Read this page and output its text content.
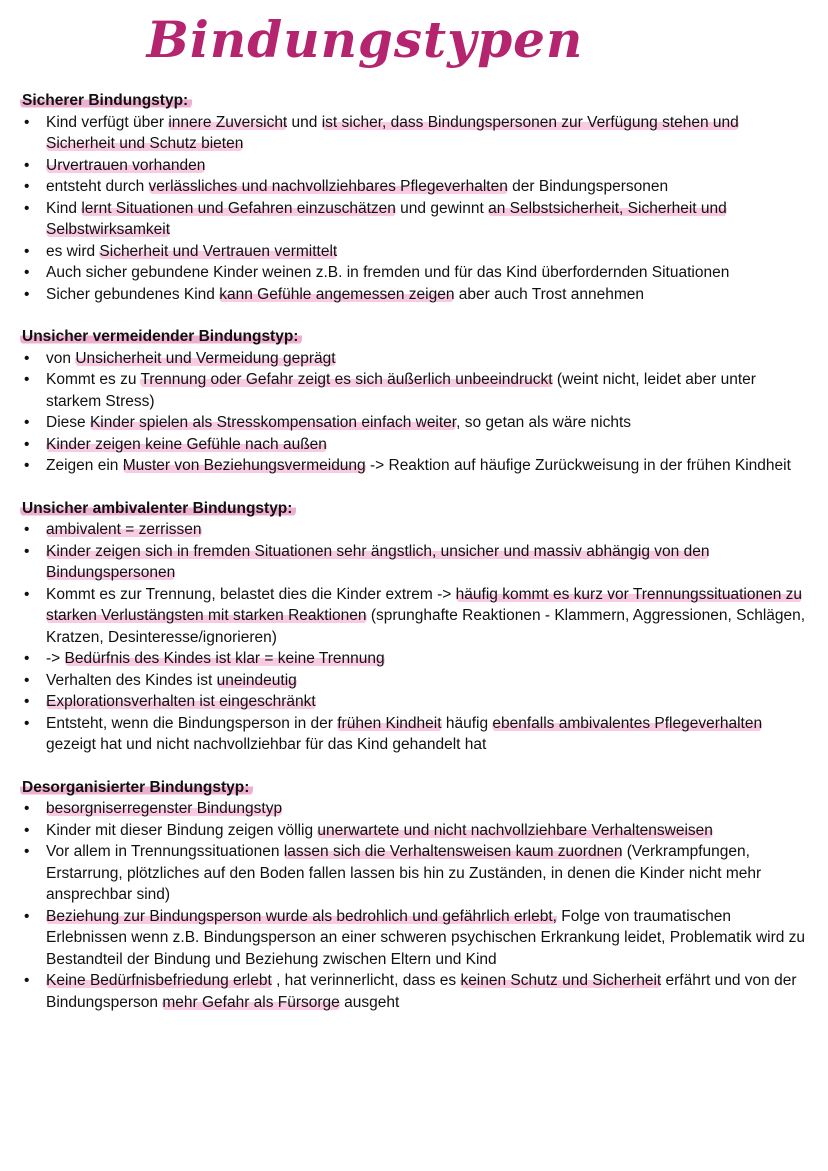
Bindungstypen
Sicherer Bindungstyp:
• Kind verfügt über innere Zuversicht und ist sicher, dass Bindungspersonen zur Verfügung stehen und Sicherheit und Schutz bieten
• Urvertrauen vorhanden
• entsteht durch verlässliches und nachvollziehbares Pflegeverhalten der Bindungspersonen
• Kind lernt Situationen und Gefahren einzuschätzen und gewinnt an Selbstsicherheit, Sicherheit und Selbstwirksamkeit
• es wird Sicherheit und Vertrauen vermittelt
• Auch sicher gebundene Kinder weinen z.B. in fremden und für das Kind überfordernden Situationen
• Sicher gebundenes Kind kann Gefühle angemessen zeigen aber auch Trost annehmen
Unsicher vermeidender Bindungstyp:
• von Unsicherheit und Vermeidung geprägt
• Kommt es zu Trennung oder Gefahr zeigt es sich äußerlich unbeeindruckt (weint nicht, leidet aber unter starkem Stress)
• Diese Kinder spielen als Stresskompensation einfach weiter, so getan als wäre nichts
• Kinder zeigen keine Gefühle nach außen
• Zeigen ein Muster von Beziehungsvermeidung -> Reaktion auf häufige Zurückweisung in der frühen Kindheit
Unsicher ambivalenter Bindungstyp:
• ambivalent = zerrissen
• Kinder zeigen sich in fremden Situationen sehr ängstlich, unsicher und massiv abhängig von den Bindungspersonen
• Kommt es zur Trennung, belastet dies die Kinder extrem -> häufig kommt es kurz vor Trennungssituationen zu starken Verlustängsten mit starken Reaktionen (sprunghafte Reaktionen - Klammern, Aggressionen, Schlägen, Kratzen, Desinteresse/ignorieren)
• -> Bedürfnis des Kindes ist klar = keine Trennung
• Verhalten des Kindes ist uneindeutig
• Explorationsverhalten ist eingeschränkt
• Entsteht, wenn die Bindungsperson in der frühen Kindheit häufig ebenfalls ambivalentes Pflegeverhalten gezeigt hat und nicht nachvollziehbar für das Kind gehandelt hat
Desorganisierter Bindungstyp:
• besorgniserregenster Bindungstyp
• Kinder mit dieser Bindung zeigen völlig unerwartete und nicht nachvollziehbare Verhaltensweisen
• Vor allem in Trennungssituationen lassen sich die Verhaltensweisen kaum zuordnen (Verkrampfungen, Erstarrung, plötzliches auf den Boden fallen lassen bis hin zu Zuständen, in denen die Kinder nicht mehr ansprechbar sind)
• Beziehung zur Bindungsperson wurde als bedrohlich und gefährlich erlebt, Folge von traumatischen Erlebnissen wenn z.B. Bindungsperson an einer schweren psychischen Erkrankung leidet, Problematik wird zu Bestandteil der Bindung und Beziehung zwischen Eltern und Kind
• Keine Bedürfnisbefriedung erlebt , hat verinnerlicht, dass es keinen Schutz und Sicherheit erfährt und von der Bindungsperson mehr Gefahr als Fürsorge ausgeht
